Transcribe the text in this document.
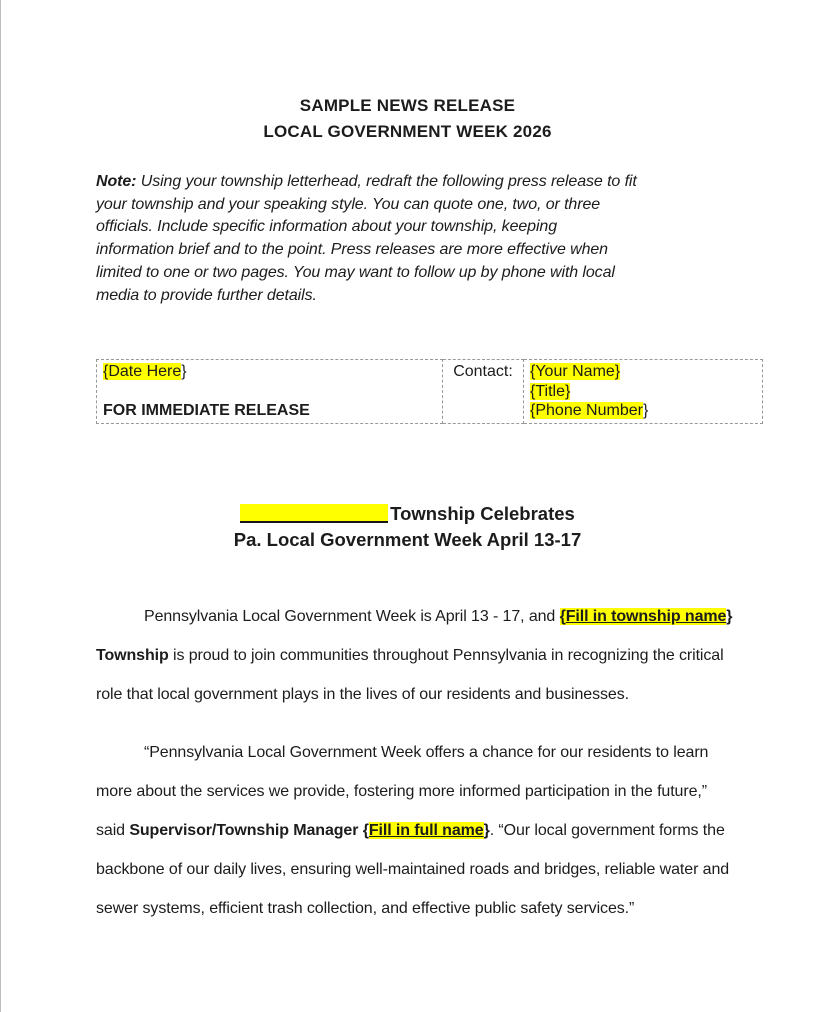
SAMPLE NEWS RELEASE
LOCAL GOVERNMENT WEEK 2026
Note: Using your township letterhead, redraft the following press release to fit
your township and your speaking style. You can quote one, two, or three
officials. Include specific information about your township, keeping
information brief and to the point. Press releases are more effective when
limited to one or two pages. You may want to follow up by phone with local
media to provide further details.
{Date Here}
FOR IMMEDIATE RELEASE
	Contact:	{Your Name}
{Title}
{Phone Number}
Township Celebrates
Pa. Local Government Week April 13-17
Pennsylvania Local Government Week is April 13 - 17, and {Fill in township name}
Township is proud to join communities throughout Pennsylvania in recognizing the critical
role that local government plays in the lives of our residents and businesses.
“Pennsylvania Local Government Week offers a chance for our residents to learn
more about the services we provide, fostering more informed participation in the future,”
said Supervisor/Township Manager {Fill in full name}. “Our local government forms the
backbone of our daily lives, ensuring well-maintained roads and bridges, reliable water and
sewer systems, efficient trash collection, and effective public safety services.”
